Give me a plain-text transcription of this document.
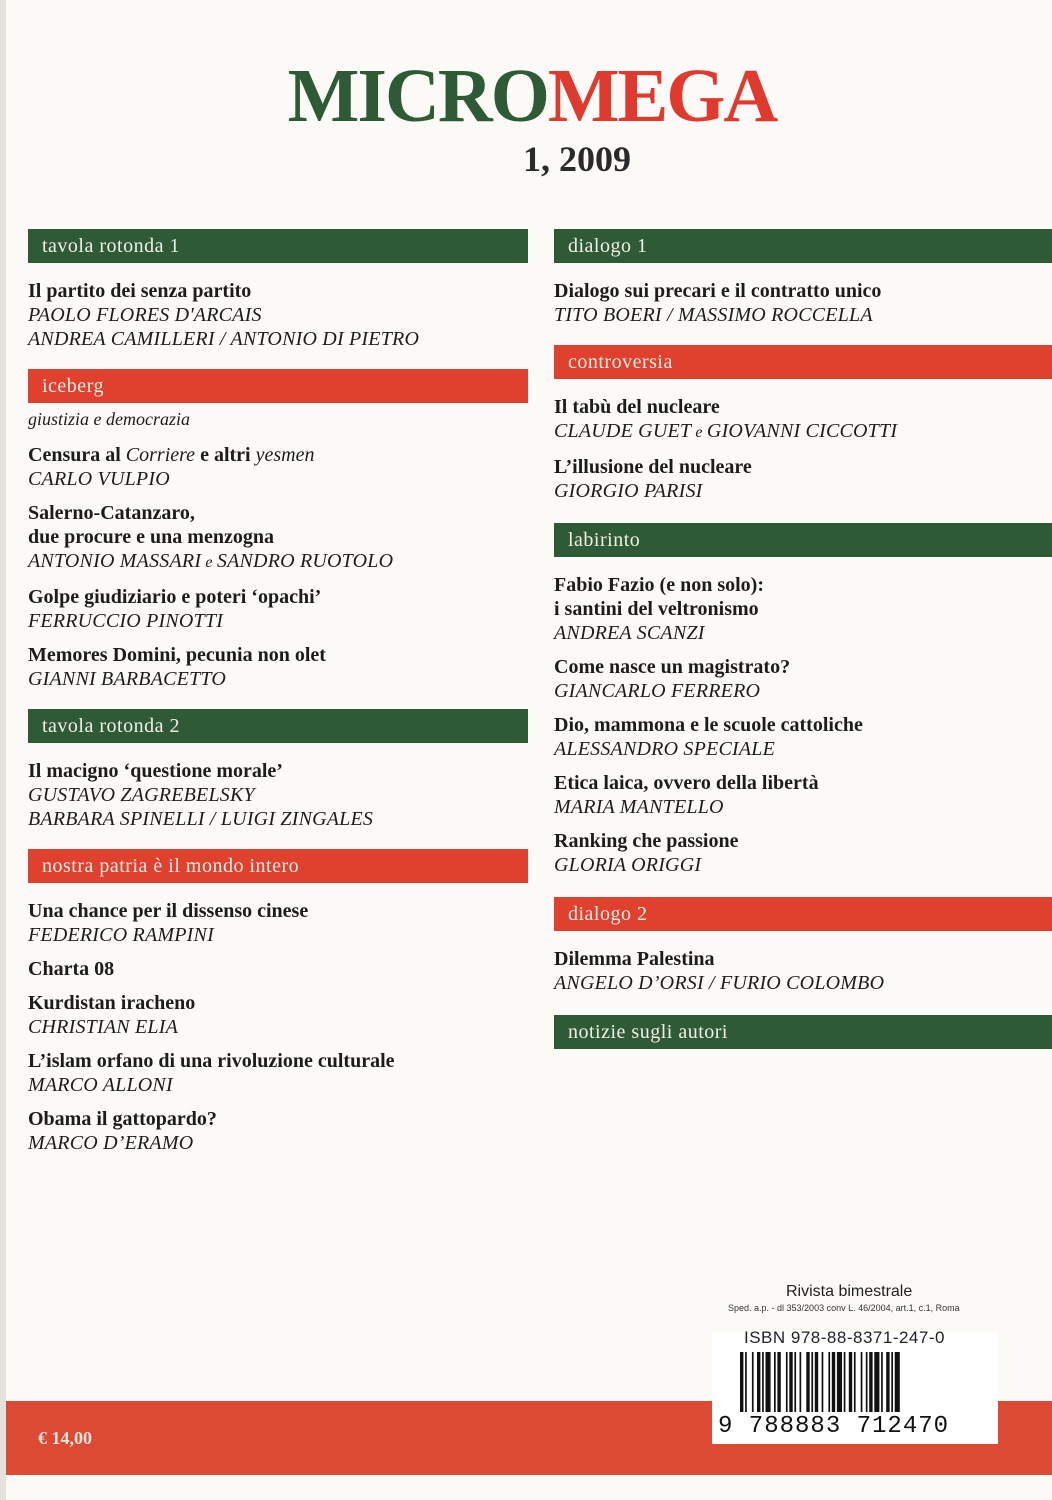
MICROMEGA
1, 2009
tavola rotonda 1
Il partito dei senza partito
PAOLO FLORES D'ARCAIS
ANDREA CAMILLERI / ANTONIO DI PIETRO
iceberg
giustizia e democrazia
Censura al Corriere e altri yesmen
CARLO VULPIO
Salerno-Catanzaro,
due procure e una menzogna
ANTONIO MASSARI e SANDRO RUOTOLO
Golpe giudiziario e poteri ‘opachi’
FERRUCCIO PINOTTI
Memores Domini, pecunia non olet
GIANNI BARBACETTO
tavola rotonda 2
Il macigno ‘questione morale’
GUSTAVO ZAGREBELSKY
BARBARA SPINELLI / LUIGI ZINGALES
nostra patria è il mondo intero
Una chance per il dissenso cinese
FEDERICO RAMPINI
Charta 08
Kurdistan iracheno
CHRISTIAN ELIA
L’islam orfano di una rivoluzione culturale
MARCO ALLONI
Obama il gattopardo?
MARCO D’ERAMO
dialogo 1
Dialogo sui precari e il contratto unico
TITO BOERI / MASSIMO ROCCELLA
controversia
Il tabù del nucleare
CLAUDE GUET e GIOVANNI CICCOTTI
L’illusione del nucleare
GIORGIO PARISI
labirinto
Fabio Fazio (e non solo):
i santini del veltronismo
ANDREA SCANZI
Come nasce un magistrato?
GIANCARLO FERRERO
Dio, mammona e le scuole cattoliche
ALESSANDRO SPECIALE
Etica laica, ovvero della libertà
MARIA MANTELLO
Ranking che passione
GLORIA ORIGGI
dialogo 2
Dilemma Palestina
ANGELO D’ORSI / FURIO COLOMBO
notizie sugli autori
Rivista bimestrale
Sped. a.p. - dl 353/2003 conv L. 46/2004, art.1, c.1, Roma
€ 14,00
ISBN 978-88-8371-247-0
9 788883 712470
